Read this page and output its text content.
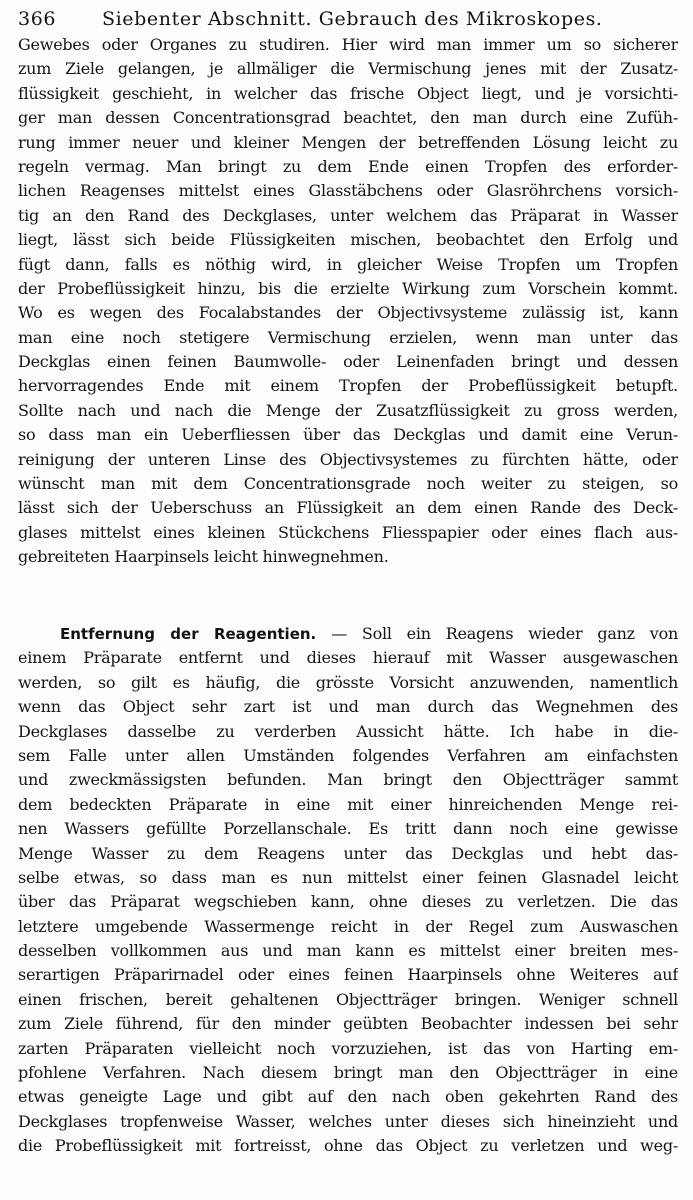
366 Siebenter Abschnitt. Gebrauch des Mikroskopes.
Gewebes oder Organes zu studiren. Hier wird man immer um so sicherer
zum Ziele gelangen, je allmäliger die Vermischung jenes mit der Zusatz-
flüssigkeit geschieht, in welcher das frische Object liegt, und je vorsichti-
ger man dessen Concentrationsgrad beachtet, den man durch eine Zufüh-
rung immer neuer und kleiner Mengen der betreffenden Lösung leicht zu
regeln vermag. Man bringt zu dem Ende einen Tropfen des erforder-
lichen Reagenses mittelst eines Glasstäbchens oder Glasröhrchens vorsich-
tig an den Rand des Deckglases, unter welchem das Präparat in Wasser
liegt, lässt sich beide Flüssigkeiten mischen, beobachtet den Erfolg und
fügt dann, falls es nöthig wird, in gleicher Weise Tropfen um Tropfen
der Probeflüssigkeit hinzu, bis die erzielte Wirkung zum Vorschein kommt.
Wo es wegen des Focalabstandes der Objectivsysteme zulässig ist, kann
man eine noch stetigere Vermischung erzielen, wenn man unter das
Deckglas einen feinen Baumwolle- oder Leinenfaden bringt und dessen
hervorragendes Ende mit einem Tropfen der Probeflüssigkeit betupft.
Sollte nach und nach die Menge der Zusatzflüssigkeit zu gross werden,
so dass man ein Ueberfliessen über das Deckglas und damit eine Verun-
reinigung der unteren Linse des Objectivsystemes zu fürchten hätte, oder
wünscht man mit dem Concentrationsgrade noch weiter zu steigen, so
lässt sich der Ueberschuss an Flüssigkeit an dem einen Rande des Deck-
glases mittelst eines kleinen Stückchens Fliesspapier oder eines flach aus-
gebreiteten Haarpinsels leicht hinwegnehmen.
Entfernung der Reagentien. — Soll ein Reagens wieder ganz von
einem Präparate entfernt und dieses hierauf mit Wasser ausgewaschen
werden, so gilt es häufig, die grösste Vorsicht anzuwenden, namentlich
wenn das Object sehr zart ist und man durch das Wegnehmen des
Deckglases dasselbe zu verderben Aussicht hätte. Ich habe in die-
sem Falle unter allen Umständen folgendes Verfahren am einfachsten
und zweckmässigsten befunden. Man bringt den Objectträger sammt
dem bedeckten Präparate in eine mit einer hinreichenden Menge rei-
nen Wassers gefüllte Porzellanschale. Es tritt dann noch eine gewisse
Menge Wasser zu dem Reagens unter das Deckglas und hebt das-
selbe etwas, so dass man es nun mittelst einer feinen Glasnadel leicht
über das Präparat wegschieben kann, ohne dieses zu verletzen. Die das
letztere umgebende Wassermenge reicht in der Regel zum Auswaschen
desselben vollkommen aus und man kann es mittelst einer breiten mes-
serartigen Präparirnadel oder eines feinen Haarpinsels ohne Weiteres auf
einen frischen, bereit gehaltenen Objectträger bringen. Weniger schnell
zum Ziele führend, für den minder geübten Beobachter indessen bei sehr
zarten Präparaten vielleicht noch vorzuziehen, ist das von Harting em-
pfohlene Verfahren. Nach diesem bringt man den Objectträger in eine
etwas geneigte Lage und gibt auf den nach oben gekehrten Rand des
Deckglases tropfenweise Wasser, welches unter dieses sich hineinzieht und
die Probeflüssigkeit mit fortreisst, ohne das Object zu verletzen und weg-
